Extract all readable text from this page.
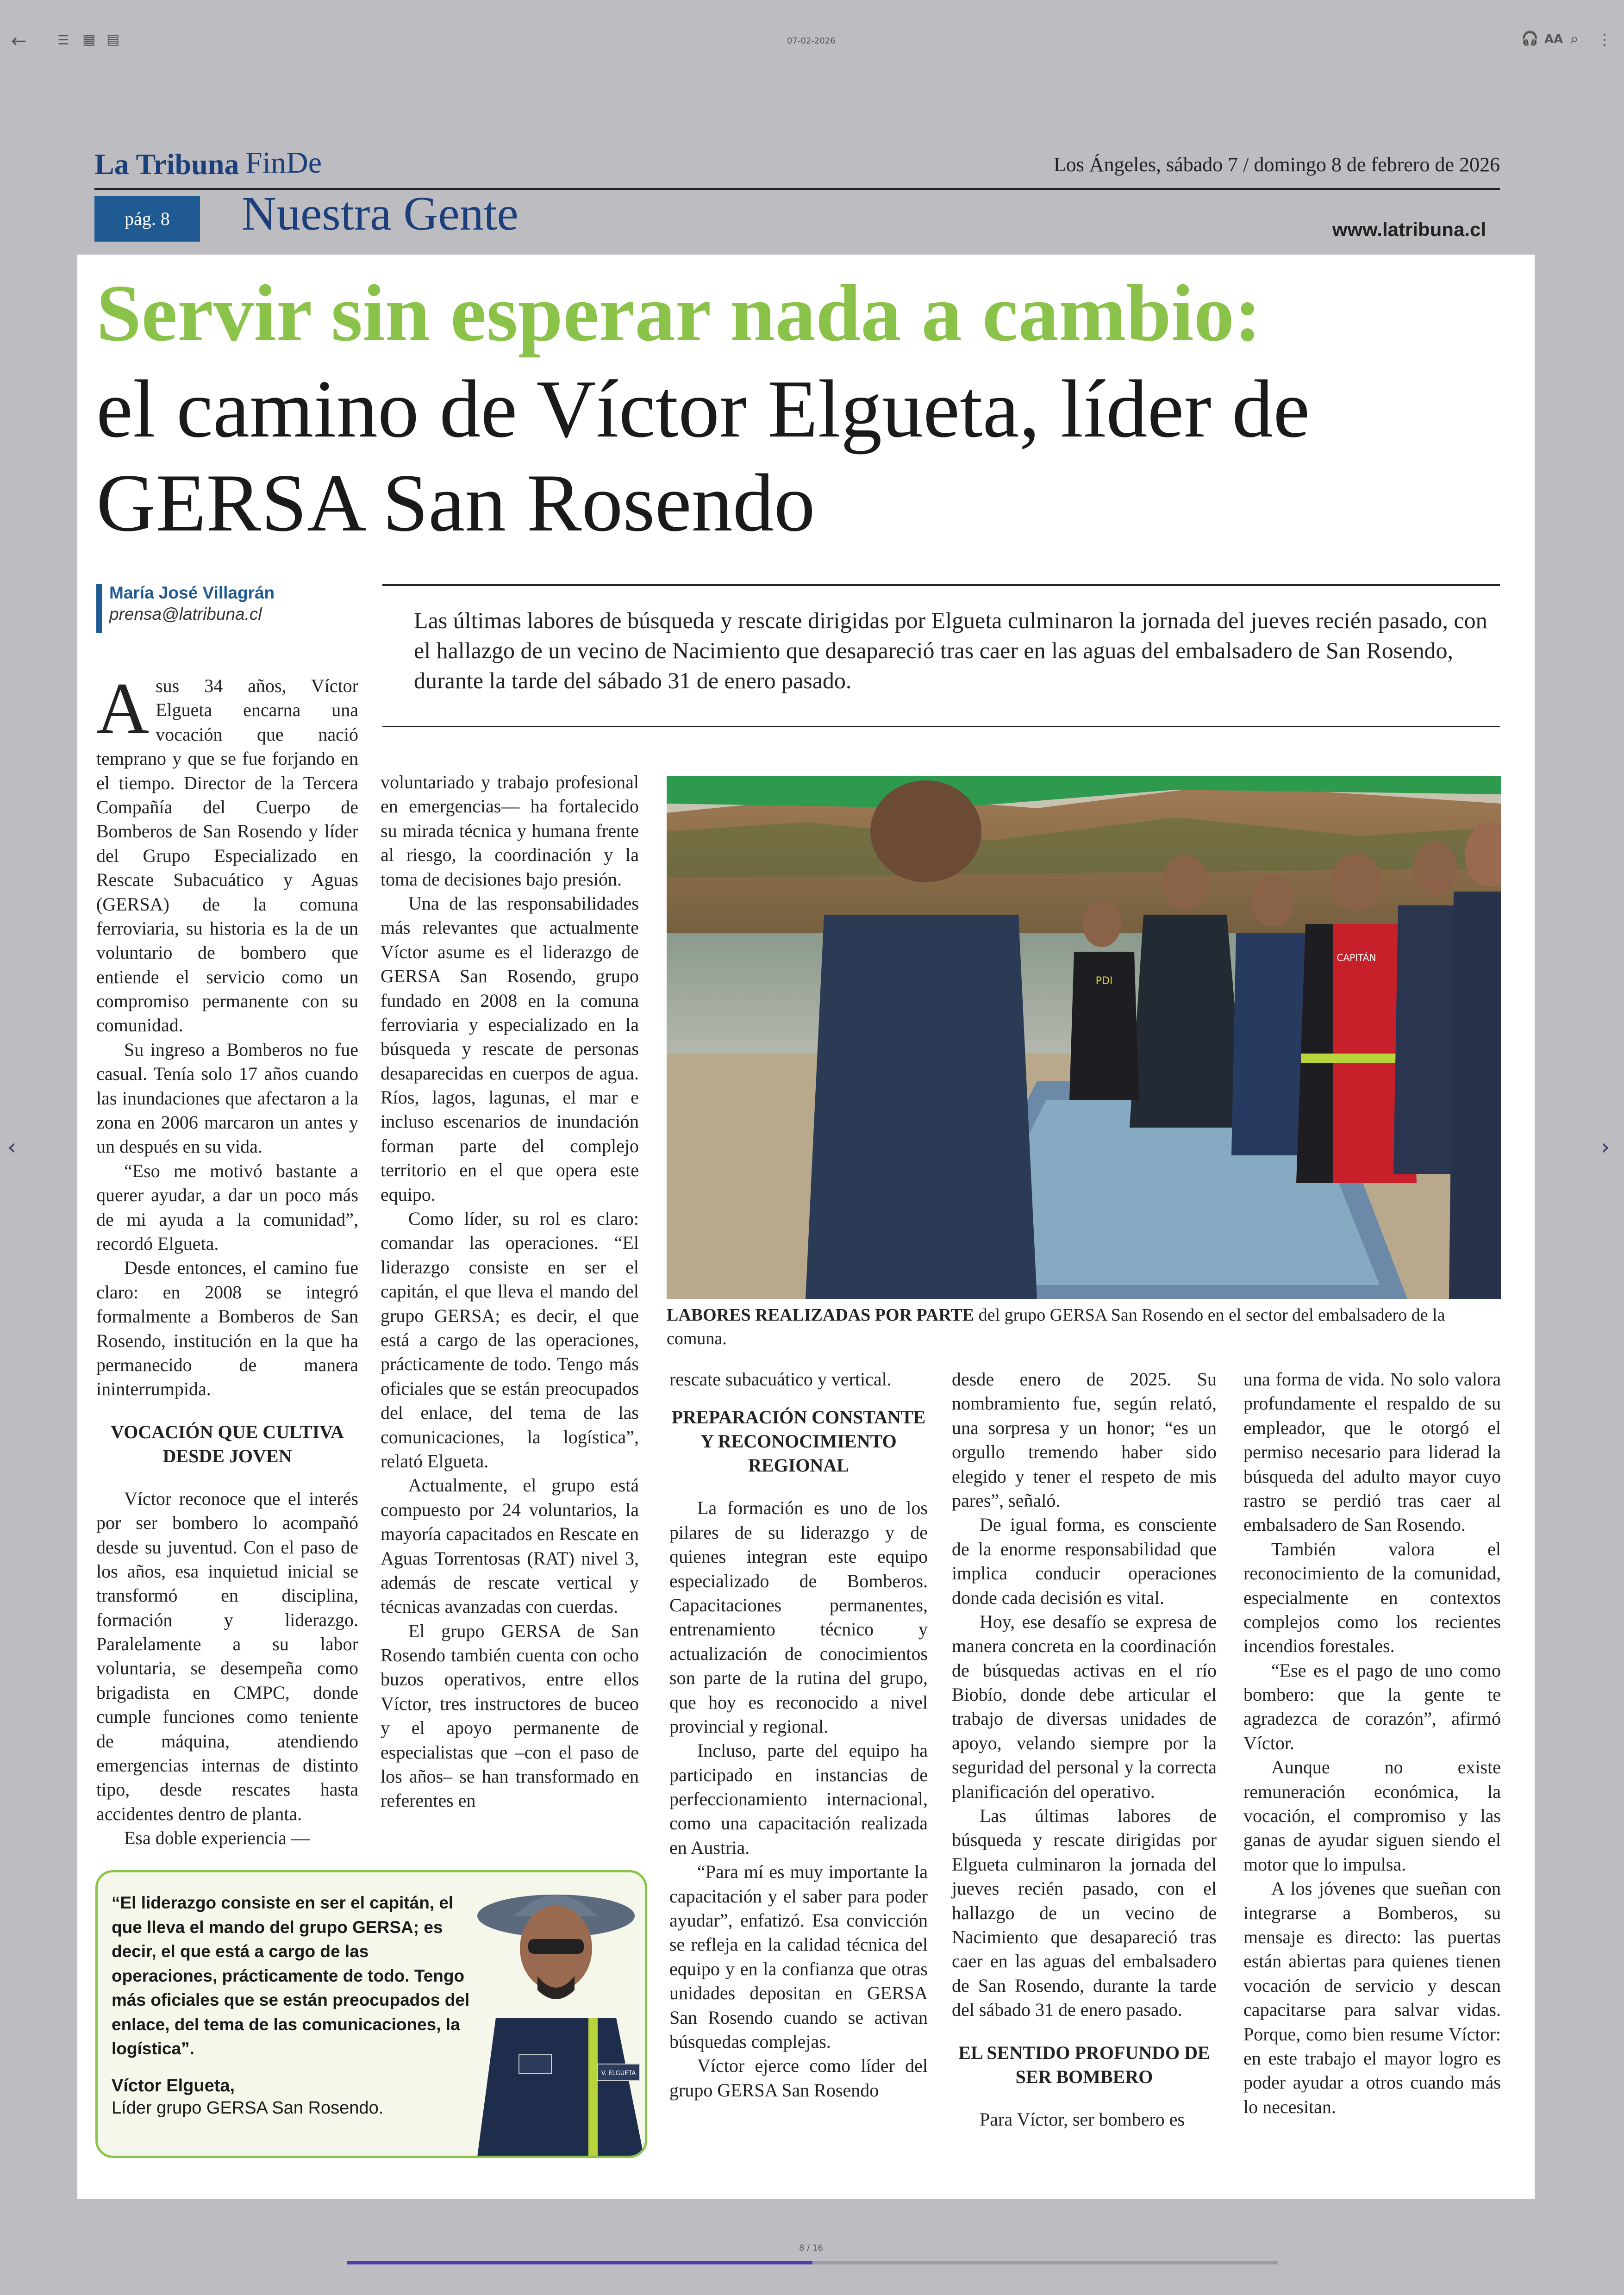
← ☰ ▦ ▤	07-02-2026	🎧 AA ⌕ ⋮
‹	›
La Tribuna FinDe	Los Ángeles, sábado 7 / domingo 8 de febrero de 2026
pág. 8	Nuestra Gente	www.latribuna.cl
Servir sin esperar nada a cambio:
el camino de Víctor Elgueta, líder de GERSA San Rosendo
María José Villagrán
prensa@latribuna.cl	Las últimas labores de búsqueda y rescate dirigidas por Elgueta culminaron la jornada del jueves recién pasado, con el hallazgo de un vecino de Nacimiento que desapareció tras caer en las aguas del embalsadero de San Rosendo, durante la tarde del sábado 31 de enero pasado.

Asus 34 años, Víctor Elgueta encarna una vocación que nació temprano y que se fue forjando en el tiempo. Director de la Tercera Compañía del Cuerpo de Bomberos de San Rosendo y líder del Grupo Especializado en Rescate Subacuático y Aguas (GERSA) de la comuna ferroviaria, su historia es la de un voluntario de bombero que entiende el servicio como un compromiso permanente con su comunidad.

Su ingreso a Bomberos no fue casual. Tenía solo 17 años cuando las inundaciones que afectaron a la zona en 2006 marcaron un antes y un después en su vida.

“Eso me motivó bastante a querer ayudar, a dar un poco más de mi ayuda a la comunidad”, recordó Elgueta.

Desde entonces, el camino fue claro: en 2008 se integró formalmente a Bomberos de San Rosendo, institución en la que ha permanecido de manera ininterrumpida.

VOCACIÓN QUE CULTIVA DESDE JOVEN

Víctor reconoce que el interés por ser bombero lo acompañó desde su juventud. Con el paso de los años, esa inquietud inicial se transformó en disciplina, formación y liderazgo. Paralelamente a su labor voluntaria, se desempeña como brigadista en CMPC, donde cumple funciones como teniente de máquina, atendiendo emergencias internas de distinto tipo, desde rescates hasta accidentes dentro de planta.

Esa doble experiencia —

voluntariado y trabajo profesional en emergencias— ha fortalecido su mirada técnica y humana frente al riesgo, la coordinación y la toma de decisiones bajo presión.

Una de las responsabilidades más relevantes que actualmente Víctor asume es el liderazgo de GERSA San Rosendo, grupo fundado en 2008 en la comuna ferroviaria y especializado en la búsqueda y rescate de personas desaparecidas en cuerpos de agua. Ríos, lagos, lagunas, el mar e incluso escenarios de inundación forman parte del complejo territorio en el que opera este equipo.

Como líder, su rol es claro: comandar las operaciones. “El liderazgo consiste en ser el capitán, el que lleva el mando del grupo GERSA; es decir, el que está a cargo de las operaciones, prácticamente de todo. Tengo más oficiales que se están preocupados del enlace, del tema de las comunicaciones, la logística”, relató Elgueta.

Actualmente, el grupo está compuesto por 24 voluntarios, la mayoría capacitados en Rescate en Aguas Torrentosas (RAT) nivel 3, además de rescate vertical y técnicas avanzadas con cuerdas.

El grupo GERSA de San Rosendo también cuenta con ocho buzos operativos, entre ellos Víctor, tres instructores de buceo y el apoyo permanente de especialistas que –con el paso de los años– se han transformado en referentes en

CAPITÁN
PDI
LABORES REALIZADAS POR PARTE del grupo GERSA San Rosendo en el sector del embalsadero de la comuna.

rescate subacuático y vertical.

PREPARACIÓN CONSTANTE Y RECONOCIMIENTO REGIONAL

La formación es uno de los pilares de su liderazgo y de quienes integran este equipo especializado de Bomberos. Capacitaciones permanentes, entrenamiento técnico y actualización de conocimientos son parte de la rutina del grupo, que hoy es reconocido a nivel provincial y regional.

Incluso, parte del equipo ha participado en instancias de perfeccionamiento internacional, como una capacitación realizada en Austria.

“Para mí es muy importante la capacitación y el saber para poder ayudar”, enfatizó. Esa convicción se refleja en la calidad técnica del equipo y en la confianza que otras unidades depositan en GERSA San Rosendo cuando se activan búsquedas complejas.

Víctor ejerce como líder del grupo GERSA San Rosendo

desde enero de 2025. Su nombramiento fue, según relató, una sorpresa y un honor; “es un orgullo tremendo haber sido elegido y tener el respeto de mis pares”, señaló.

De igual forma, es consciente de la enorme responsabilidad que implica conducir operaciones donde cada decisión es vital.

Hoy, ese desafío se expresa de manera concreta en la coordinación de búsquedas activas en el río Biobío, donde debe articular el trabajo de diversas unidades de apoyo, velando siempre por la seguridad del personal y la correcta planificación del operativo.

Las últimas labores de búsqueda y rescate dirigidas por Elgueta culminaron la jornada del jueves recién pasado, con el hallazgo de un vecino de Nacimiento que desapareció tras caer en las aguas del embalsadero de San Rosendo, durante la tarde del sábado 31 de enero pasado.

EL SENTIDO PROFUNDO DE SER BOMBERO

Para Víctor, ser bombero es

una forma de vida. No solo valora profundamente el respaldo de su empleador, que le otorgó el permiso necesario para liderad la búsqueda del adulto mayor cuyo rastro se perdió tras caer al embalsadero de San Rosendo.

También valora el reconocimiento de la comunidad, especialmente en contextos complejos como los recientes incendios forestales.

“Ese es el pago de uno como bombero: que la gente te agradezca de corazón”, afirmó Víctor.

Aunque no existe remuneración económica, la vocación, el compromiso y las ganas de ayudar siguen siendo el motor que lo impulsa.

A los jóvenes que sueñan con integrarse a Bomberos, su mensaje es directo: las puertas están abiertas para quienes tienen vocación de servicio y descan capacitarse para salvar vidas. Porque, como bien resume Víctor: en este trabajo el mayor logro es poder ayudar a otros cuando más lo necesitan.

“El liderazgo consiste en ser el capitán, el que lleva el mando del grupo GERSA; es decir, el que está a cargo de las operaciones, prácticamente de todo. Tengo más oficiales que se están preocupados del enlace, del tema de las comunicaciones, la logística”.
Víctor Elgueta,
Líder grupo GERSA San Rosendo.
V. ELGUETA
8 / 16
